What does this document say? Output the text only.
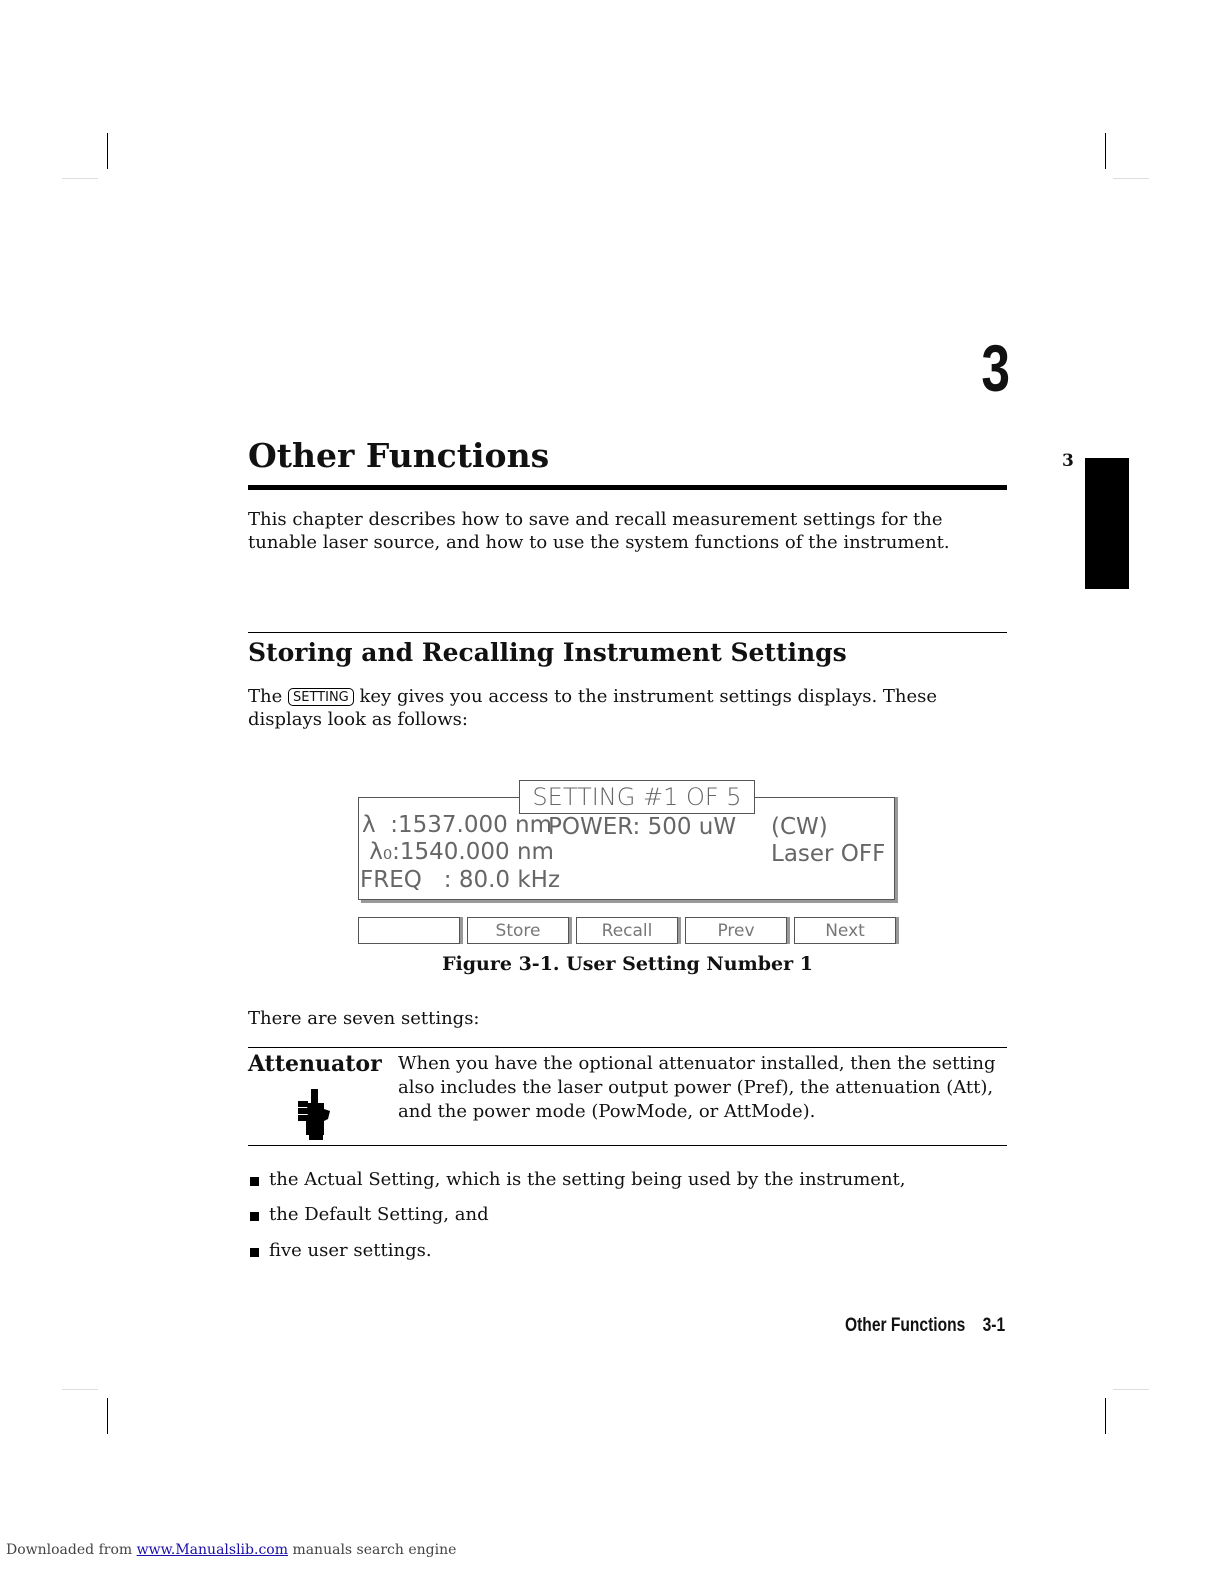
3
Other Functions	3
This chapter describes how to save and recall measurement settings for the tunable laser source, and how to use the system functions of the instrument.
Storing and Recalling Instrument Settings
The SETTING key gives you access to the instrument settings displays. These displays look as follows:
SETTING #1 OF 5
λ  :1537.000 nm
POWER: 500 uW (CW)
λ₀:1540.000 nm	Laser OFF
FREQ   : 80.0 kHz
Store	Recall	Prev	Next
Figure 3-1. User Setting Number 1
There are seven settings:
Attenuator When you have the optional attenuator installed, then the setting also includes the laser output power (Pref), the attenuation (Att), and the power mode (PowMode, or AttMode).
the Actual Setting, which is the setting being used by the instrument,
the Default Setting, and
five user settings.
Other Functions 3-1
Downloaded from www.Manualslib.com manuals search engine
